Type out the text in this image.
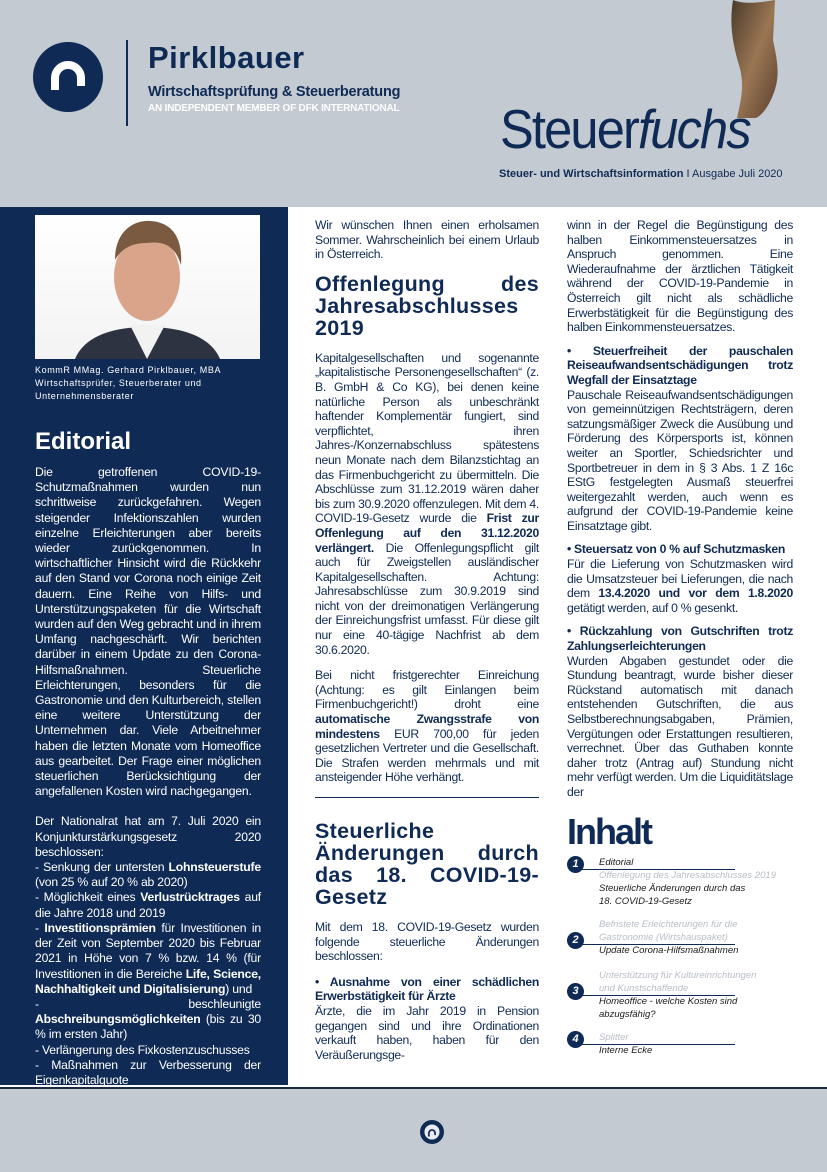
Pirklbauer
Wirtschaftsprüfung & Steuerberatung
AN INDEPENDENT MEMBER OF DFK INTERNATIONAL Steuerfuchs
Steuer- und Wirtschaftsinformation I Ausgabe Juli 2020
KommR MMag. Gerhard Pirklbauer, MBA
Wirtschaftsprüfer, Steuerberater und
Unternehmensberater
Editorial

Die getroffenen COVID-19-Schutzmaßnahmen wurden nun schrittweise zurückgefahren. Wegen steigender Infektionszahlen wurden einzelne Erleichterungen aber bereits wieder zurückgenommen. In wirtschaftlicher Hinsicht wird die Rückkehr auf den Stand vor Corona noch einige Zeit dauern. Eine Reihe von Hilfs- und Unterstützungspaketen für die Wirtschaft wurden auf den Weg gebracht und in ihrem Umfang nachgeschärft. Wir berichten darüber in einem Update zu den Corona-Hilfsmaßnahmen. Steuerliche Erleichterungen, besonders für die Gastronomie und den Kulturbereich, stellen eine weitere Unterstützung der Unternehmen dar. Viele Arbeitnehmer haben die letzten Monate vom Homeoffice aus gearbeitet. Der Frage einer möglichen steuerlichen Berücksichtigung der angefallenen Kosten wird nachgegangen.

Der Nationalrat hat am 7. Juli 2020 ein Konjunkturstärkungsgesetz 2020 beschlossen:
- Senkung der untersten Lohnsteuerstufe (von 25 % auf 20 % ab 2020)
- Möglichkeit eines Verlustrücktrages auf die Jahre 2018 und 2019
- Investitionsprämien für Investitionen in der Zeit von September 2020 bis Februar 2021 in Höhe von 7 % bzw. 14 % (für Investitionen in die Bereiche Life, Science, Nachhaltigkeit und Digitalisierung) und
- beschleunigte Abschreibungsmöglichkeiten (bis zu 30 % im ersten Jahr)
- Verlängerung des Fixkostenzuschusses
- Maßnahmen zur Verbesserung der Eigenkapitalquote

Wir wünschen Ihnen einen erholsamen Sommer. Wahrscheinlich bei einem Urlaub in Österreich.

Offenlegung des Jahresabschlusses 2019

Kapitalgesellschaften und sogenannte „kapitalistische Personengesellschaften“ (z. B. GmbH & Co KG), bei denen keine natürliche Person als unbeschränkt haftender Komplementär fungiert, sind verpflichtet, ihren Jahres-/Konzernabschluss spätestens neun Monate nach dem Bilanzstichtag an das Firmenbuchgericht zu übermitteln. Die Abschlüsse zum 31.12.2019 wären daher bis zum 30.9.2020 offenzulegen. Mit dem 4. COVID-19-Gesetz wurde die Frist zur Offenlegung auf den 31.12.2020 verlängert. Die Offenlegungspflicht gilt auch für Zweigstellen ausländischer Kapitalgesellschaften. Achtung: Jahresabschlüsse zum 30.9.2019 sind nicht von der dreimonatigen Verlängerung der Einreichungsfrist umfasst. Für diese gilt nur eine 40-tägige Nachfrist ab dem 30.6.2020.

Bei nicht fristgerechter Einreichung (Achtung: es gilt Einlangen beim Firmenbuchgericht!) droht eine automatische Zwangsstrafe von mindestens EUR 700,00 für jeden gesetzlichen Vertreter und die Gesellschaft. Die Strafen werden mehrmals und mit ansteigender Höhe verhängt.

Steuerliche Änderungen durch das 18. COVID-19-Gesetz

Mit dem 18. COVID-19-Gesetz wurden folgende steuerliche Änderungen beschlossen:

• Ausnahme von einer schädlichen Erwerbstätigkeit für Ärzte
Ärzte, die im Jahr 2019 in Pension gegangen sind und ihre Ordinationen verkauft haben, haben für den Veräußerungsge-

winn in der Regel die Begünstigung des halben Einkommensteuersatzes in Anspruch genommen. Eine Wiederaufnahme der ärztlichen Tätigkeit während der COVID-19-Pandemie in Österreich gilt nicht als schädliche Erwerbstätigkeit für die Begünstigung des halben Einkommensteuersatzes.

• Steuerfreiheit der pauschalen Reiseaufwandsentschädigungen trotz Wegfall der Einsatztage
Pauschale Reiseaufwandsentschädigungen von gemeinnützigen Rechtsträgern, deren satzungsmäßiger Zweck die Ausübung und Förderung des Körpersports ist, können weiter an Sportler, Schiedsrichter und Sportbetreuer in dem in § 3 Abs. 1 Z 16c EStG festgelegten Ausmaß steuerfrei weitergezahlt werden, auch wenn es aufgrund der COVID-19-Pandemie keine Einsatztage gibt.

• Steuersatz von 0 % auf Schutzmasken
Für die Lieferung von Schutzmasken wird die Umsatzsteuer bei Lieferungen, die nach dem 13.4.2020 und vor dem 1.8.2020 getätigt werden, auf 0 % gesenkt.

• Rückzahlung von Gutschriften trotz Zahlungserleichterungen
Wurden Abgaben gestundet oder die Stundung beantragt, wurde bisher dieser Rückstand automatisch mit danach entstehenden Gutschriften, die aus Selbstberechnungsabgaben, Prämien, Vergütungen oder Erstattungen resultieren, verrechnet. Über das Guthaben konnte daher trotz (Antrag auf) Stundung nicht mehr verfügt werden. Um die Liquiditätslage der

Inhalt
1	Editorial
Offenlegung des Jahresabschlusses 2019
Steuerliche Änderungen durch das 18. COVID-19-Gesetz
2
Befristete Erleichterungen für die Gastronomie (Wirtshauspaket)
Update Corona-Hilfsmaßnahmen
3
Unterstützung für Kultureinrichtungen und Kunstschaffende
Homeoffice - welche Kosten sind abzugsfähig?
4	Splitter
Interne Ecke
